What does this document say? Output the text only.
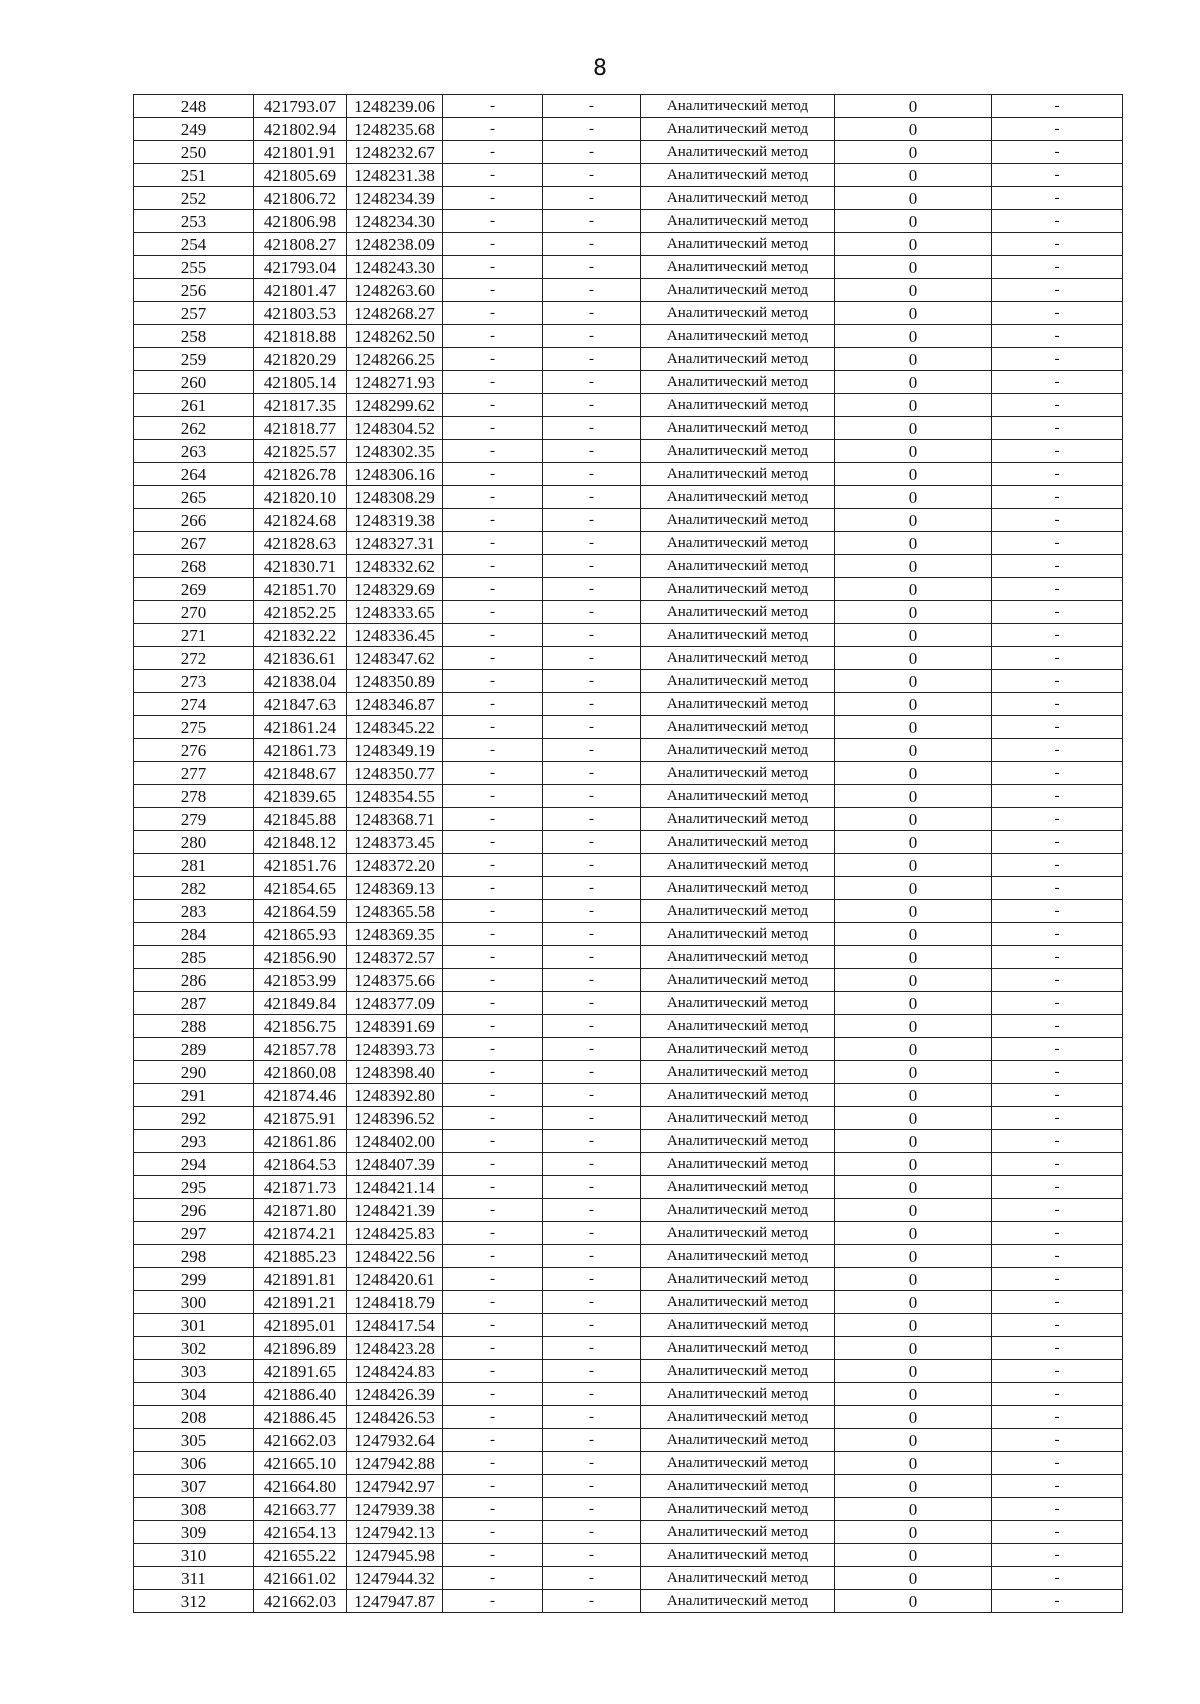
8
248	421793.07	1248239.06	-	-	Аналитический метод	0	-
249	421802.94	1248235.68	-	-	Аналитический метод	0	-
250	421801.91	1248232.67	-	-	Аналитический метод	0	-
251	421805.69	1248231.38	-	-	Аналитический метод	0	-
252	421806.72	1248234.39	-	-	Аналитический метод	0	-
253	421806.98	1248234.30	-	-	Аналитический метод	0	-
254	421808.27	1248238.09	-	-	Аналитический метод	0	-
255	421793.04	1248243.30	-	-	Аналитический метод	0	-
256	421801.47	1248263.60	-	-	Аналитический метод	0	-
257	421803.53	1248268.27	-	-	Аналитический метод	0	-
258	421818.88	1248262.50	-	-	Аналитический метод	0	-
259	421820.29	1248266.25	-	-	Аналитический метод	0	-
260	421805.14	1248271.93	-	-	Аналитический метод	0	-
261	421817.35	1248299.62	-	-	Аналитический метод	0	-
262	421818.77	1248304.52	-	-	Аналитический метод	0	-
263	421825.57	1248302.35	-	-	Аналитический метод	0	-
264	421826.78	1248306.16	-	-	Аналитический метод	0	-
265	421820.10	1248308.29	-	-	Аналитический метод	0	-
266	421824.68	1248319.38	-	-	Аналитический метод	0	-
267	421828.63	1248327.31	-	-	Аналитический метод	0	-
268	421830.71	1248332.62	-	-	Аналитический метод	0	-
269	421851.70	1248329.69	-	-	Аналитический метод	0	-
270	421852.25	1248333.65	-	-	Аналитический метод	0	-
271	421832.22	1248336.45	-	-	Аналитический метод	0	-
272	421836.61	1248347.62	-	-	Аналитический метод	0	-
273	421838.04	1248350.89	-	-	Аналитический метод	0	-
274	421847.63	1248346.87	-	-	Аналитический метод	0	-
275	421861.24	1248345.22	-	-	Аналитический метод	0	-
276	421861.73	1248349.19	-	-	Аналитический метод	0	-
277	421848.67	1248350.77	-	-	Аналитический метод	0	-
278	421839.65	1248354.55	-	-	Аналитический метод	0	-
279	421845.88	1248368.71	-	-	Аналитический метод	0	-
280	421848.12	1248373.45	-	-	Аналитический метод	0	-
281	421851.76	1248372.20	-	-	Аналитический метод	0	-
282	421854.65	1248369.13	-	-	Аналитический метод	0	-
283	421864.59	1248365.58	-	-	Аналитический метод	0	-
284	421865.93	1248369.35	-	-	Аналитический метод	0	-
285	421856.90	1248372.57	-	-	Аналитический метод	0	-
286	421853.99	1248375.66	-	-	Аналитический метод	0	-
287	421849.84	1248377.09	-	-	Аналитический метод	0	-
288	421856.75	1248391.69	-	-	Аналитический метод	0	-
289	421857.78	1248393.73	-	-	Аналитический метод	0	-
290	421860.08	1248398.40	-	-	Аналитический метод	0	-
291	421874.46	1248392.80	-	-	Аналитический метод	0	-
292	421875.91	1248396.52	-	-	Аналитический метод	0	-
293	421861.86	1248402.00	-	-	Аналитический метод	0	-
294	421864.53	1248407.39	-	-	Аналитический метод	0	-
295	421871.73	1248421.14	-	-	Аналитический метод	0	-
296	421871.80	1248421.39	-	-	Аналитический метод	0	-
297	421874.21	1248425.83	-	-	Аналитический метод	0	-
298	421885.23	1248422.56	-	-	Аналитический метод	0	-
299	421891.81	1248420.61	-	-	Аналитический метод	0	-
300	421891.21	1248418.79	-	-	Аналитический метод	0	-
301	421895.01	1248417.54	-	-	Аналитический метод	0	-
302	421896.89	1248423.28	-	-	Аналитический метод	0	-
303	421891.65	1248424.83	-	-	Аналитический метод	0	-
304	421886.40	1248426.39	-	-	Аналитический метод	0	-
208	421886.45	1248426.53	-	-	Аналитический метод	0	-
305	421662.03	1247932.64	-	-	Аналитический метод	0	-
306	421665.10	1247942.88	-	-	Аналитический метод	0	-
307	421664.80	1247942.97	-	-	Аналитический метод	0	-
308	421663.77	1247939.38	-	-	Аналитический метод	0	-
309	421654.13	1247942.13	-	-	Аналитический метод	0	-
310	421655.22	1247945.98	-	-	Аналитический метод	0	-
311	421661.02	1247944.32	-	-	Аналитический метод	0	-
312	421662.03	1247947.87	-	-	Аналитический метод	0	-
